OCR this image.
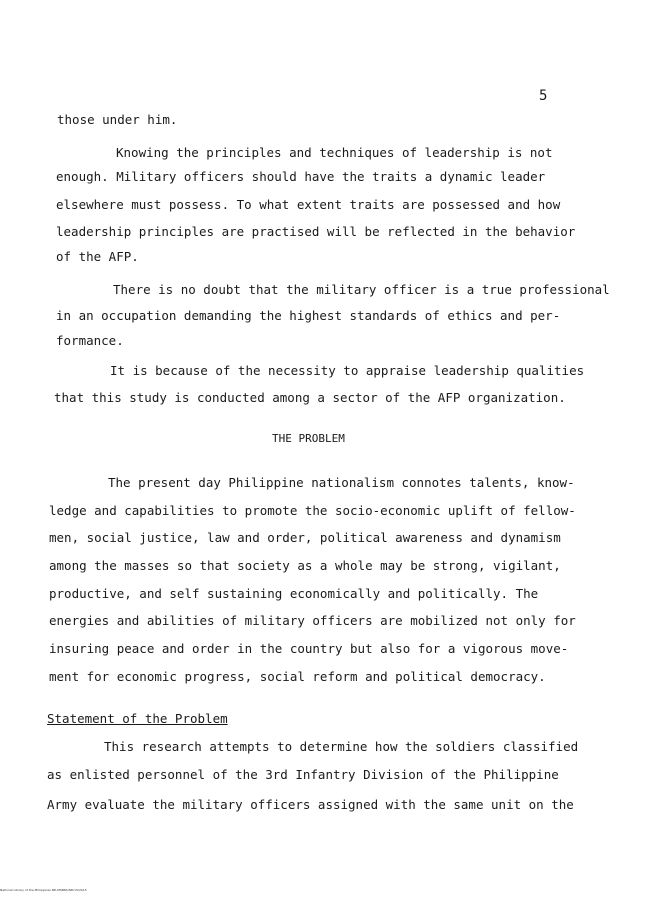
5
those under him.
Knowing the principles and techniques of leadership is not
enough. Military officers should have the traits a dynamic leader
elsewhere must possess. To what extent traits are possessed and how
leadership principles are practised will be reflected in the behavior
of the AFP.
There is no doubt that the military officer is a true professional
in an occupation demanding the highest standards of ethics and per-
formance.
It is because of the necessity to appraise leadership qualities
that this study is conducted among a sector of the AFP organization.
THE PROBLEM
The present day Philippine nationalism connotes talents, know-
ledge and capabilities to promote the socio-economic uplift of fellow-
men, social justice, law and order, political awareness and dynamism
among the masses so that society as a whole may be strong, vigilant,
productive, and self sustaining economically and politically. The
energies and abilities of military officers are mobilized not only for
insuring peace and order in the country but also for a vigorous move-
ment for economic progress, social reform and political democracy.
Statement of the Problem
This research attempts to determine how the soldiers classified
as enlisted personnel of the 3rd Infantry Division of the Philippine
Army evaluate the military officers assigned with the same unit on the
National Library of the Philippines ND-MSBPA/ND/15/2015
